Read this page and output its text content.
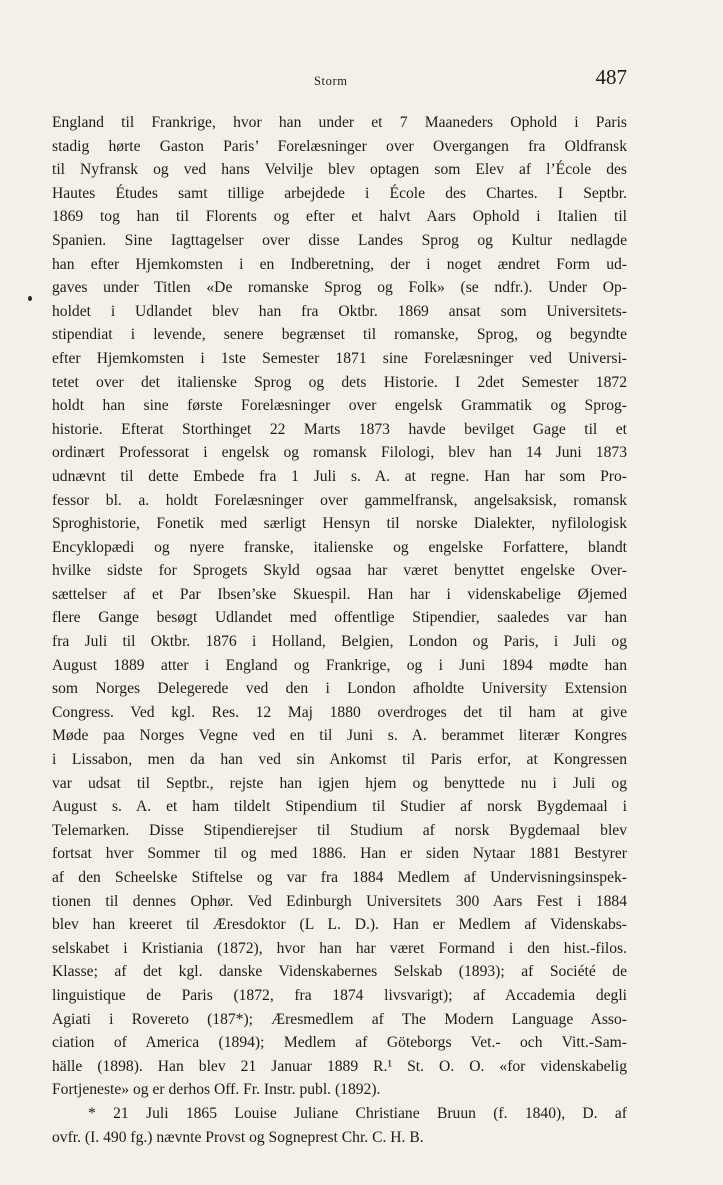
Storm	487
England til Frankrige, hvor han under et 7 Maaneders Ophold i Paris
stadig hørte Gaston Paris’ Forelæsninger over Overgangen fra Oldfransk
til Nyfransk og ved hans Velvilje blev optagen som Elev af l’École des
Hautes Études samt tillige arbejdede i École des Chartes. I Septbr.
1869 tog han til Florents og efter et halvt Aars Ophold i Italien til
Spanien. Sine Iagttagelser over disse Landes Sprog og Kultur nedlagde
han efter Hjemkomsten i en Indberetning, der i noget ændret Form ud-
gaves under Titlen «De romanske Sprog og Folk» (se ndfr.). Under Op-
holdet i Udlandet blev han fra Oktbr. 1869 ansat som Universitets-
stipendiat i levende, senere begrænset til romanske, Sprog, og begyndte
efter Hjemkomsten i 1ste Semester 1871 sine Forelæsninger ved Universi-
tetet over det italienske Sprog og dets Historie. I 2det Semester 1872
holdt han sine første Forelæsninger over engelsk Grammatik og Sprog-
historie. Efterat Storthinget 22 Marts 1873 havde bevilget Gage til et
ordinært Professorat i engelsk og romansk Filologi, blev han 14 Juni 1873
udnævnt til dette Embede fra 1 Juli s. A. at regne. Han har som Pro-
fessor bl. a. holdt Forelæsninger over gammelfransk, angelsaksisk, romansk
Sproghistorie, Fonetik med særligt Hensyn til norske Dialekter, nyfilologisk
Encyklopædi og nyere franske, italienske og engelske Forfattere, blandt
hvilke sidste for Sprogets Skyld ogsaa har været benyttet engelske Over-
sættelser af et Par Ibsen’ske Skuespil. Han har i videnskabelige Øjemed
flere Gange besøgt Udlandet med offentlige Stipendier, saaledes var han
fra Juli til Oktbr. 1876 i Holland, Belgien, London og Paris, i Juli og
August 1889 atter i England og Frankrige, og i Juni 1894 mødte han
som Norges Delegerede ved den i London afholdte University Extension
Congress. Ved kgl. Res. 12 Maj 1880 overdroges det til ham at give
Møde paa Norges Vegne ved en til Juni s. A. berammet literær Kongres
i Lissabon, men da han ved sin Ankomst til Paris erfor, at Kongressen
var udsat til Septbr., rejste han igjen hjem og benyttede nu i Juli og
August s. A. et ham tildelt Stipendium til Studier af norsk Bygdemaal i
Telemarken. Disse Stipendierejser til Studium af norsk Bygdemaal blev
fortsat hver Sommer til og med 1886. Han er siden Nytaar 1881 Bestyrer
af den Scheelske Stiftelse og var fra 1884 Medlem af Undervisningsinspek-
tionen til dennes Ophør. Ved Edinburgh Universitets 300 Aars Fest i 1884
blev han kreeret til Æresdoktor (L L. D.). Han er Medlem af Videnskabs-
selskabet i Kristiania (1872), hvor han har været Formand i den hist.-filos.
Klasse; af det kgl. danske Videnskabernes Selskab (1893); af Société de
linguistique de Paris (1872, fra 1874 livsvarigt); af Accademia degli
Agiati i Rovereto (187*); Æresmedlem af The Modern Language Asso-
ciation of America (1894); Medlem af Göteborgs Vet.- och Vitt.-Sam-
hälle (1898). Han blev 21 Januar 1889 R.¹ St. O. O. «for videnskabelig
Fortjeneste» og er derhos Off. Fr. Instr. publ. (1892).
* 21 Juli 1865 Louise Juliane Christiane Bruun (f. 1840), D. af
ovfr. (I. 490 fg.) nævnte Provst og Sogneprest Chr. C. H. B.
